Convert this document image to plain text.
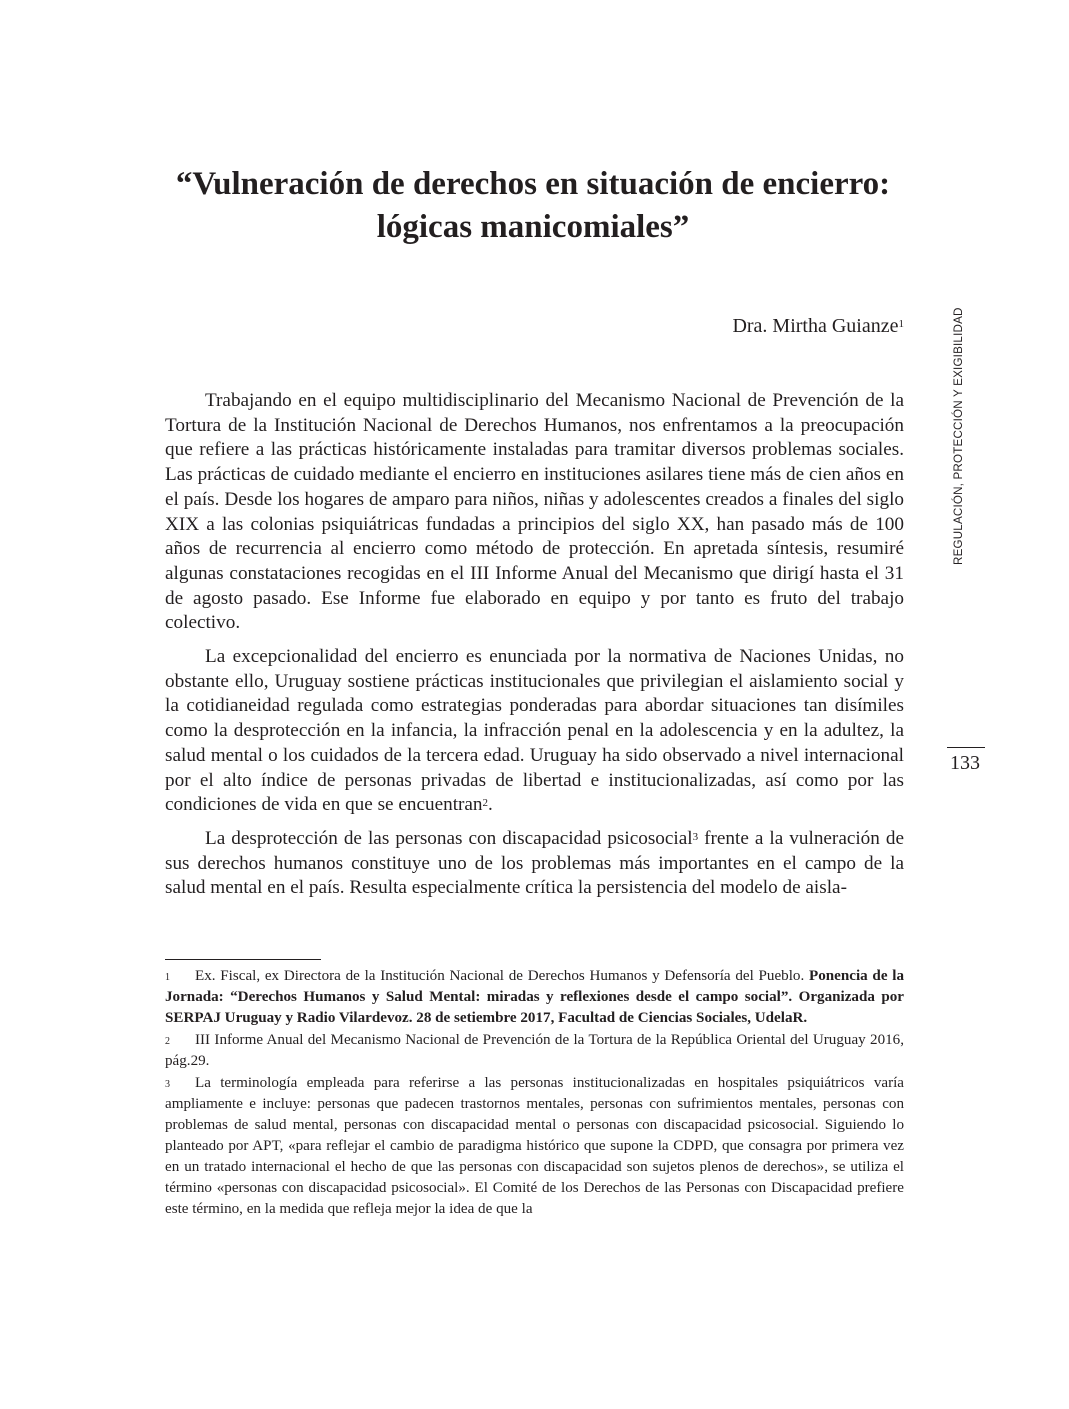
“Vulneración de derechos en situación de encierro:
lógicas manicomiales”
Dra. Mirtha Guianze$^1$

Trabajando en el equipo multidisciplinario del Mecanismo Nacional de Prevención de la Tortura de la Institución Nacional de Derechos Humanos, nos enfrentamos a la preocupación que refiere a las prácticas históricamente instaladas para tramitar diversos problemas sociales. Las prácticas de cuidado mediante el encierro en instituciones asilares tiene más de cien años en el país. Desde los hogares de amparo para niños, niñas y adolescentes creados a finales del siglo XIX a las colonias psiquiátricas fundadas a principios del siglo XX, han pasado más de 100 años de recurrencia al encierro como método de protección. En apretada síntesis, resumiré algunas constataciones recogidas en el III Informe Anual del Mecanismo que dirigí hasta el 31 de agosto pasado. Ese Informe fue elaborado en equipo y por tanto es fruto del trabajo colectivo.

La excepcionalidad del encierro es enunciada por la normativa de Naciones Unidas, no obstante ello, Uruguay sostiene prácticas institucionales que privilegian el aislamiento social y la cotidianeidad regulada como estrategias ponderadas para abordar situaciones tan disímiles como la desprotección en la infancia, la infracción penal en la adolescencia y en la adultez, la salud mental o los cuidados de la tercera edad. Uruguay ha sido observado a nivel internacional por el alto índice de personas privadas de libertad e institucionalizadas, así como por las condiciones de vida en que se encuentran$^2$.

La desprotección de las personas con discapacidad psicosocial$^3$ frente a la vulneración de sus derechos humanos constituye uno de los problemas más importantes en el campo de la salud mental en el país. Resulta especialmente crítica la persistencia del modelo de aisla-

1 Ex. Fiscal, ex Directora de la Institución Nacional de Derechos Humanos y Defensoría del Pueblo. Ponencia de la Jornada: “Derechos Humanos y Salud Mental: miradas y reflexiones desde el campo social”. Organizada por SERPAJ Uruguay y Radio Vilardevoz. 28 de setiembre 2017, Facultad de Ciencias Sociales, UdelaR.

2 III Informe Anual del Mecanismo Nacional de Prevención de la Tortura de la República Oriental del Uruguay 2016, pág.29.

3 La terminología empleada para referirse a las personas institucionalizadas en hospitales psiquiátricos varía ampliamente e incluye: personas que padecen trastornos mentales, personas con sufrimientos mentales, personas con problemas de salud mental, personas con discapacidad mental o personas con discapacidad psicosocial. Siguiendo lo planteado por APT, «para reflejar el cambio de paradigma histórico que supone la CDPD, que consagra por primera vez en un tratado internacional el hecho de que las personas con discapacidad son sujetos plenos de derechos», se utiliza el término «personas con discapacidad psicosocial». El Comité de los Derechos de las Personas con Discapacidad prefiere este término, en la medida que refleja mejor la idea de que la

REGULACIÓN, PROTECCIÓN Y EXIGIBILIDAD
133
